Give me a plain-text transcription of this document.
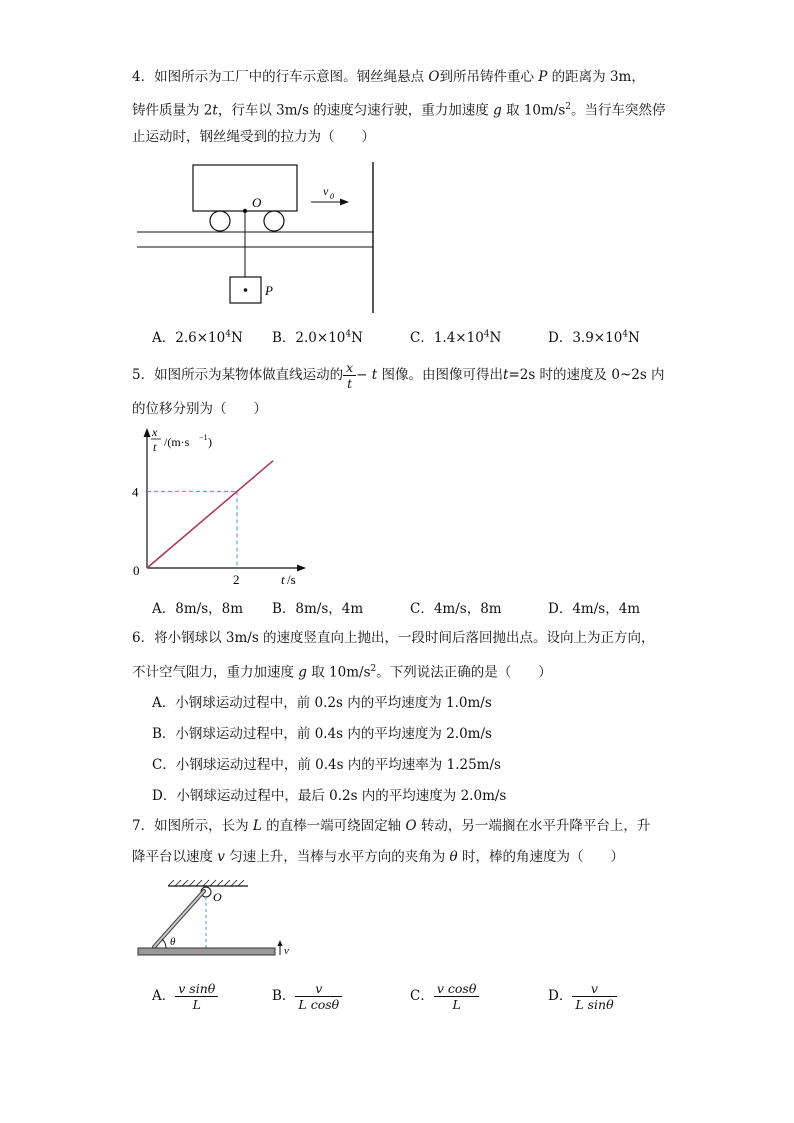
4．如图所示为工厂中的行车示意图。钢丝绳悬点 O到所吊铸件重心 P 的距离为 3m，
铸件质量为 2t，行车以 3m/s 的速度匀速行驶，重力加速度 g 取 $10m/s^2$。当行车突然停
止运动时，钢丝绳受到的拉力为（　　）
O
P
v 0
A．$2.6\times 10^4N$ B．$2.0\times 10^4N$	C．$1.4\times 10^4N$	D．$3.9\times 10^4N$
5．如图所示为某物体做直线运动的 $\frac{x}{t} - t$ 图像。由图像可得出t=2s 时的速度及 0~2s 内
的位移分别为（　　）
x
t /(m·s −1 )
4
2
0
t /s
A．8m/s，8m B．8m/s，4m	C．4m/s，8m	D．4m/s，4m
6．将小钢球以 3m/s 的速度竖直向上抛出，一段时间后落回抛出点。设向上为正方向，
不计空气阻力，重力加速度 g 取 $10m/s^2$。下列说法正确的是（　　）
A．小钢球运动过程中，前 0.2s 内的平均速度为 1.0m/s
B．小钢球运动过程中，前 0.4s 内的平均速度为 2.0m/s
C．小钢球运动过程中，前 0.4s 内的平均速率为 1.25m/s
D．小钢球运动过程中，最后 0.2s 内的平均速度为 2.0m/s
7．如图所示，长为 L 的直棒一端可绕固定轴 O 转动，另一端搁在水平升降平台上，升
降平台以速度 v 匀速上升，当棒与水平方向的夹角为 θ 时，棒的角速度为（　　）
O
θ
v
A． $\frac{\text{v sinθ}}{L}$	B． $\frac{v}{\text{L cosθ}}$	C． $\frac{\text{v cosθ}}{L}$	D． $\frac{v}{\text{L sinθ}}$
